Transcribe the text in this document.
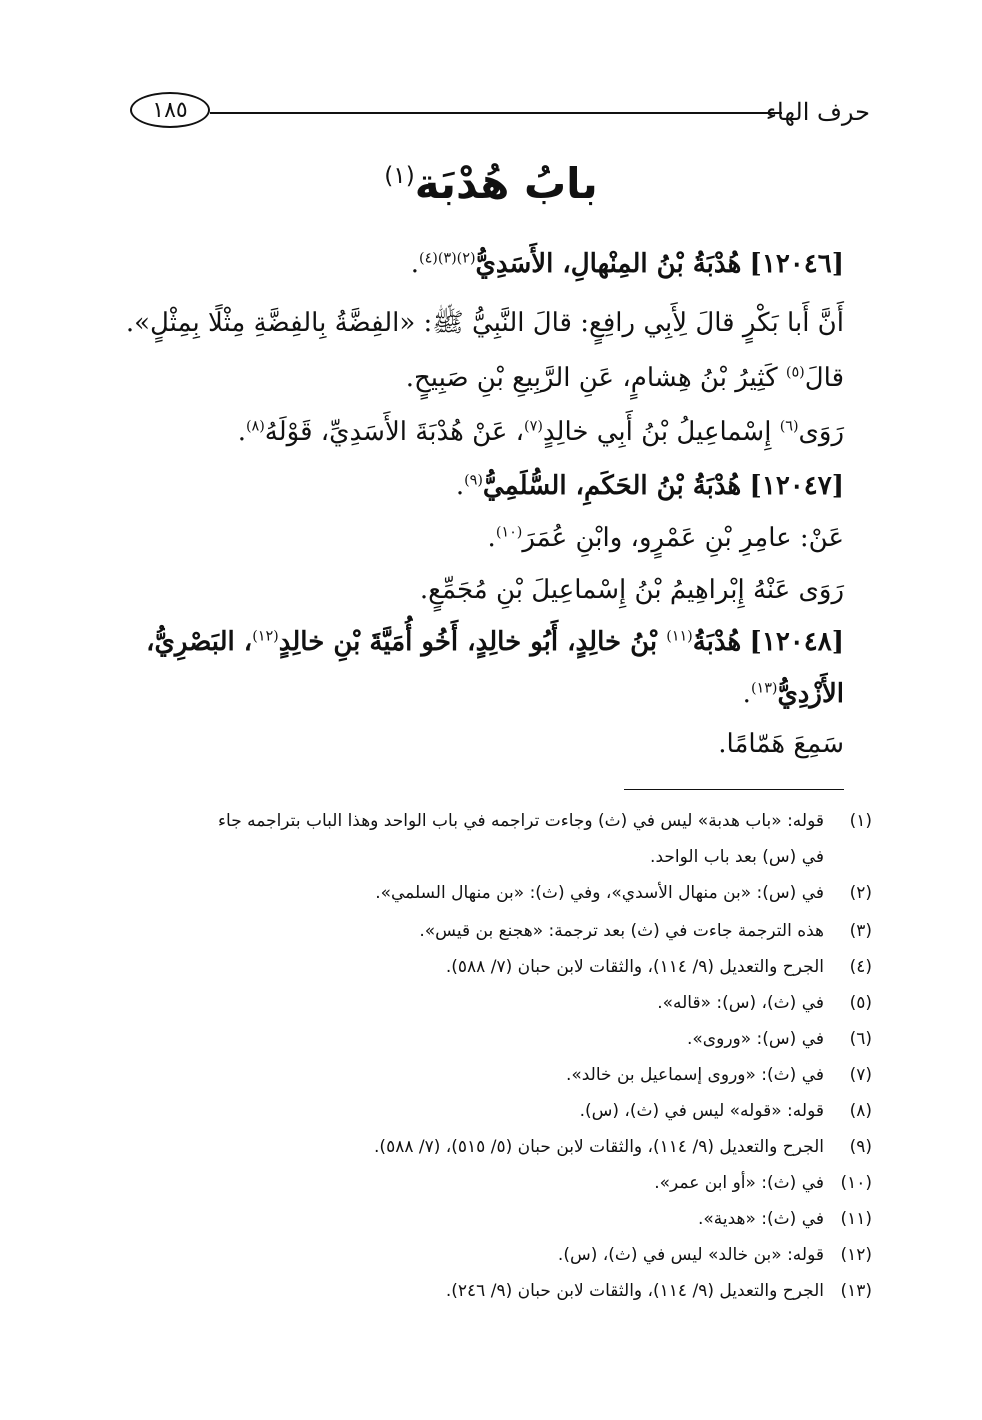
حرف الهاء
١٨٥
بابُ هُدْبَة$^{(١)}$
[١٢٠٤٦] هُدْبَةُ بْنُ المِنْهالِ، الأَسَدِيُّ$^{(٢)(٣)(٤)}$.
أَنَّ أَبا بَكْرٍ قالَ لِأَبِي رافِعٍ: قالَ النَّبِيُّ ﷺ: «الفِضَّةُ بِالفِضَّةِ مِثْلًا بِمِثْلٍ».
قالَ$^{(٥)}$ كَثِيرُ بْنُ هِشامٍ، عَنِ الرَّبِيعِ بْنِ صَبِيحٍ.
رَوَى$^{(٦)}$ إِسْماعِيلُ بْنُ أَبِي خالِدٍ$^{(٧)}$، عَنْ هُدْبَةَ الأَسَدِيِّ، قَوْلَهُ$^{(٨)}$.
[١٢٠٤٧] هُدْبَةُ بْنُ الحَكَمِ، السُّلَمِيُّ$^{(٩)}$.
عَنْ: عامِرِ بْنِ عَمْرٍو، وابْنِ عُمَرَ$^{(١٠)}$.
رَوَى عَنْهُ إِبْراهِيمُ بْنُ إِسْماعِيلَ بْنِ مُجَمِّعٍ.
[١٢٠٤٨] هُدْبَةُ$^{(١١)}$ بْنُ خالِدٍ، أَبُو خالِدٍ، أَخُو أُمَيَّةَ بْنِ خالِدٍ$^{(١٢)}$، البَصْرِيُّ،
الأَزْدِيُّ$^{(١٣)}$.
سَمِعَ هَمّامًا.
(١)قوله: «باب هدبة» ليس في (ث) وجاءت تراجمه في باب الواحد وهذا الباب بتراجمه جاء
في (س) بعد باب الواحد.
(٢)في (س): «بن منهال الأسدي»، وفي (ث): «بن منهال السلمي».
(٣)هذه الترجمة جاءت في (ث) بعد ترجمة: «هجنع بن قيس».
(٤)الجرح والتعديل (٩/ ١١٤)، والثقات لابن حبان (٧/ ٥٨٨).
(٥)في (ث)، (س): «قاله».
(٦)في (س): «وروى».
(٧)في (ث): «وروى إسماعيل بن خالد».
(٨)قوله: «قوله» ليس في (ث)، (س).
(٩)الجرح والتعديل (٩/ ١١٤)، والثقات لابن حبان (٥/ ٥١٥)، (٧/ ٥٨٨).
(١٠)في (ث): «أو ابن عمر».
(١١)في (ث): «هدية».
(١٢)قوله: «بن خالد» ليس في (ث)، (س).
(١٣)الجرح والتعديل (٩/ ١١٤)، والثقات لابن حبان (٩/ ٢٤٦).
